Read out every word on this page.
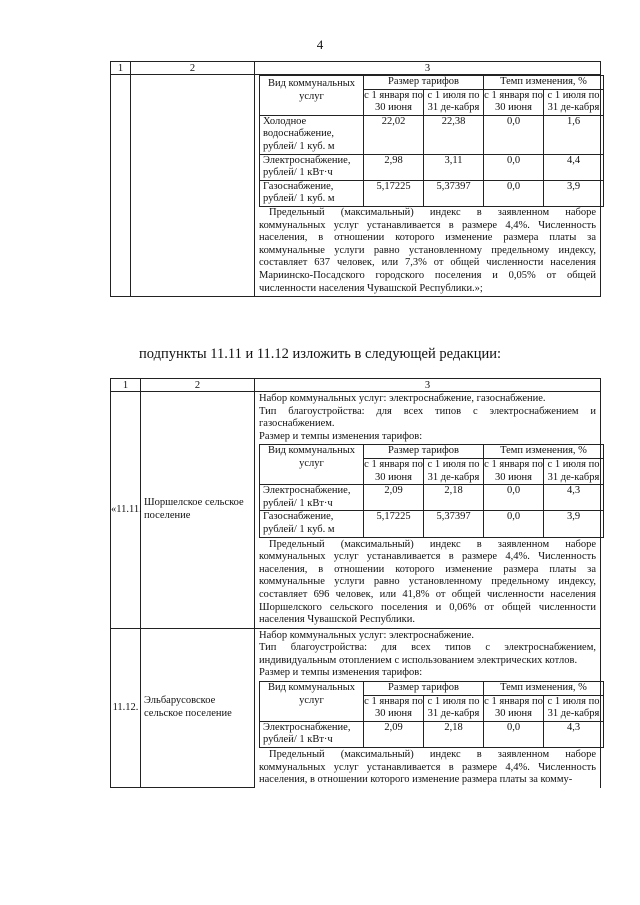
4
1	2	3

Вид коммунальных услуг	Размер тарифов	Темп изменения, %
с 1 января по 30 июня	с 1 июля по 31 де-кабря	с 1 января по 30 июня	с 1 июля по 31 де-кабря
Холодное водоснабжение, рублей/ 1 куб. м	22,02	22,38	0,0	1,6
Электроснабжение, рублей/ 1 кВт·ч	2,98	3,11	0,0	4,4
Газоснабжение, рублей/ 1 куб. м	5,17225	5,37397	0,0	3,9

Предельный (максимальный) индекс в заявленном наборе коммунальных услуг устанавливается в размере 4,4%. Численность населения, в отношении которого изменение размера платы за коммунальные услуги равно установленному предельному индексу, составляет 637 человек, или 7,3% от общей численности населения Мариинско-Посадского городского поселения и 0,05% от общей численности населения Чувашской Республики.»;

подпункты 11.11 и 11.12 изложить в следующей редакции:
1	2	3
«11.11.	Шоршелское сельское поселение	

Набор коммунальных услуг: электроснабжение, газоснабжение.

Тип благоустройства: для всех типов с электроснабжением и газоснабжением.

Размер и темпы изменения тарифов:

Вид коммунальных услуг	Размер тарифов	Темп изменения, %
с 1 января по 30 июня	с 1 июля по 31 де-кабря	с 1 января по 30 июня	с 1 июля по 31 де-кабря
Электроснабжение, рублей/ 1 кВт·ч	2,09	2,18	0,0	4,3
Газоснабжение, рублей/ 1 куб. м	5,17225	5,37397	0,0	3,9

Предельный (максимальный) индекс в заявленном наборе коммунальных услуг устанавливается в размере 4,4%. Численность населения, в отношении которого изменение размера платы за коммунальные услуги равно установленному предельному индексу, составляет 696 человек, или 41,8% от общей численности населения Шоршелского сельского поселения и 0,06% от общей численности населения Чувашской Республики.

11.12.	Эльбарусовское сельское поселение	

Набор коммунальных услуг: электроснабжение.

Тип благоустройства: для всех типов с электроснабжением, индивидуальным отоплением с использованием электрических котлов.

Размер и темпы изменения тарифов:

Вид коммунальных услуг	Размер тарифов	Темп изменения, %
с 1 января по 30 июня	с 1 июля по 31 де-кабря	с 1 января по 30 июня	с 1 июля по 31 де-кабря
Электроснабжение, рублей/ 1 кВт·ч	2,09	2,18	0,0	4,3

Предельный (максимальный) индекс в заявленном наборе коммунальных услуг устанавливается в размере 4,4%. Численность населения, в отношении которого изменение размера платы за комму-
